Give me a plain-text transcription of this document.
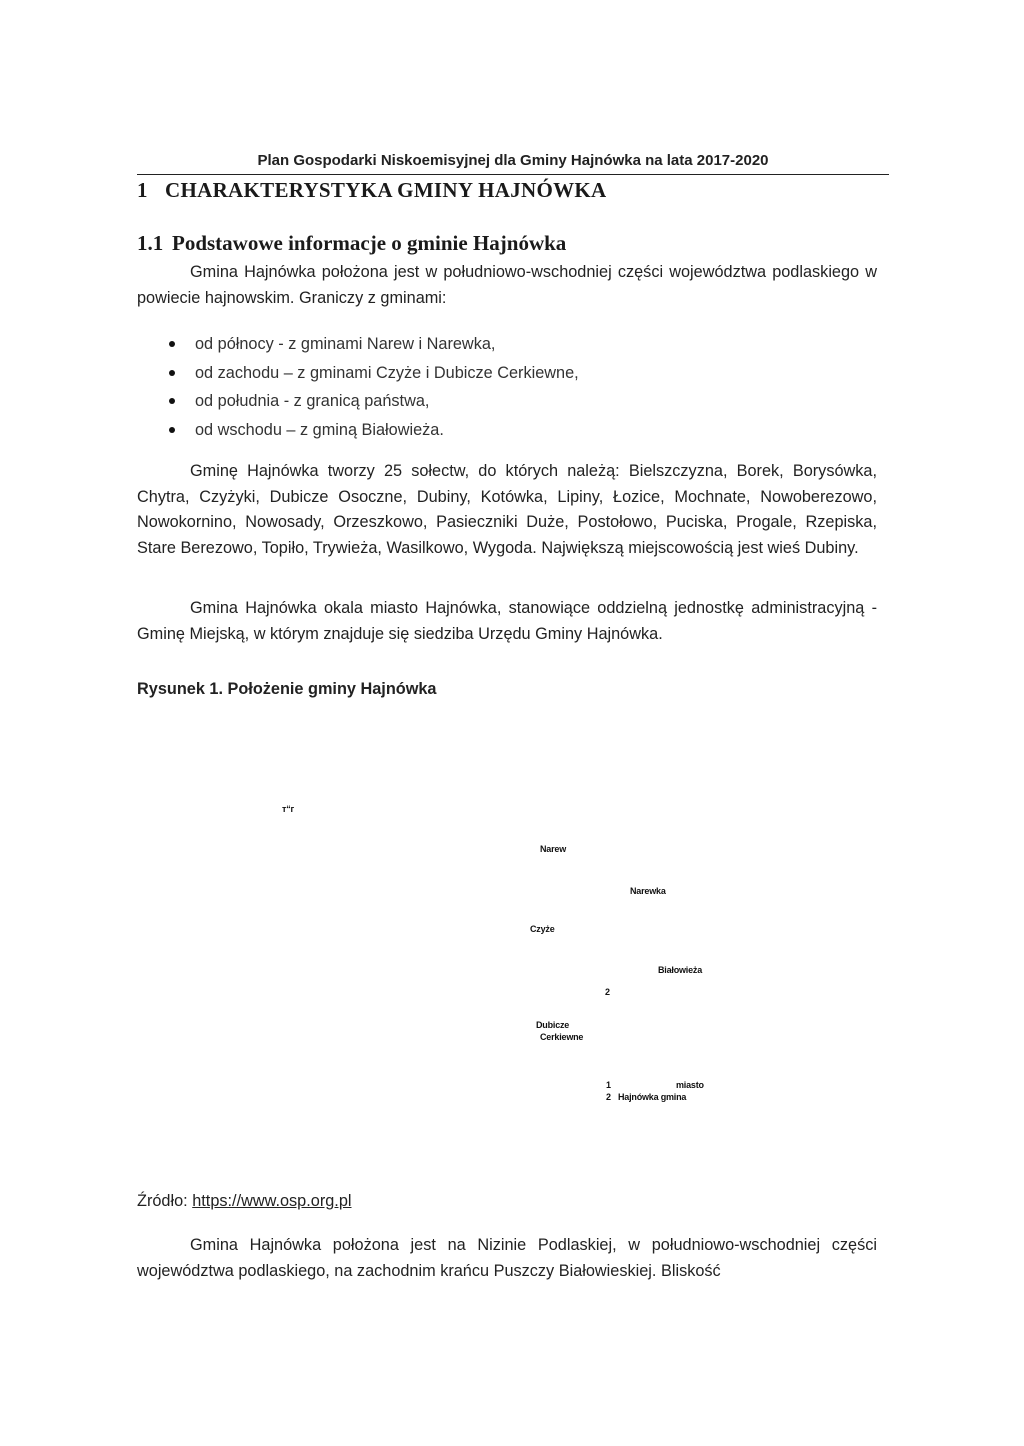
Plan Gospodarki Niskoemisyjnej dla Gminy Hajnówka na lata 2017-2020
1 CHARAKTERYSTYKA GMINY HAJNÓWKA
1.1 Podstawowe informacje o gminie Hajnówka
Gmina Hajnówka położona jest w południowo-wschodniej części województwa podlaskiego w powiecie hajnowskim. Graniczy z gminami:
od północy - z gminami Narew i Narewka,
od zachodu – z gminami Czyże i Dubicze Cerkiewne,
od południa - z granicą państwa,
od wschodu – z gminą Białowieża.
Gminę Hajnówka tworzy 25 sołectw, do których należą: Bielszczyzna, Borek, Borysówka, Chytra, Czyżyki, Dubicze Osoczne, Dubiny, Kotówka, Lipiny, Łozice, Mochnate, Nowoberezowo, Nowokornino, Nowosady, Orzeszkowo, Pasieczniki Duże, Postołowo, Puciska, Progale, Rzepiska, Stare Berezowo, Topiło, Trywieża, Wasilkowo, Wygoda. Największą miejscowością jest wieś Dubiny.
Gmina Hajnówka okala miasto Hajnówka, stanowiące oddzielną jednostkę administracyjną - Gminę Miejską, w którym znajduje się siedziba Urzędu Gminy Hajnówka.
Rysunek 1. Położenie gminy Hajnówka
т“г
Narew
Narewka
Czyże
Białowieża
2
Dubicze
Cerkiewne
1	miasto
2 Hajnówka gmina
Źródło: https://www.osp.org.pl
Gmina Hajnówka położona jest na Nizinie Podlaskiej, w południowo-wschodniej części województwa podlaskiego, na zachodnim krańcu Puszczy Białowieskiej. Bliskość
